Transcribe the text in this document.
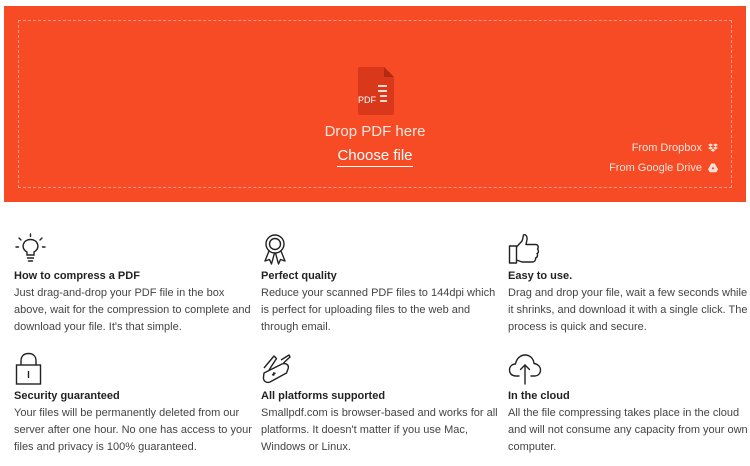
PDF
Drop PDF here
Choose file	From Dropbox
From Google Drive
How to compress a PDF

Just drag-and-drop your PDF file in the box above, wait for the compression to complete and download your file. It's that simple.

Perfect quality

Reduce your scanned PDF files to 144dpi which is perfect for uploading files to the web and through email.

Easy to use.

Drag and drop your file, wait a few seconds while it shrinks, and download it with a single click. The process is quick and secure.

Security guaranteed

Your files will be permanently deleted from our server after one hour. No one has access to your files and privacy is 100% guaranteed.

All platforms supported

Smallpdf.com is browser-based and works for all platforms. It doesn't matter if you use Mac, Windows or Linux.

In the cloud

All the file compressing takes place in the cloud and will not consume any capacity from your own computer.
